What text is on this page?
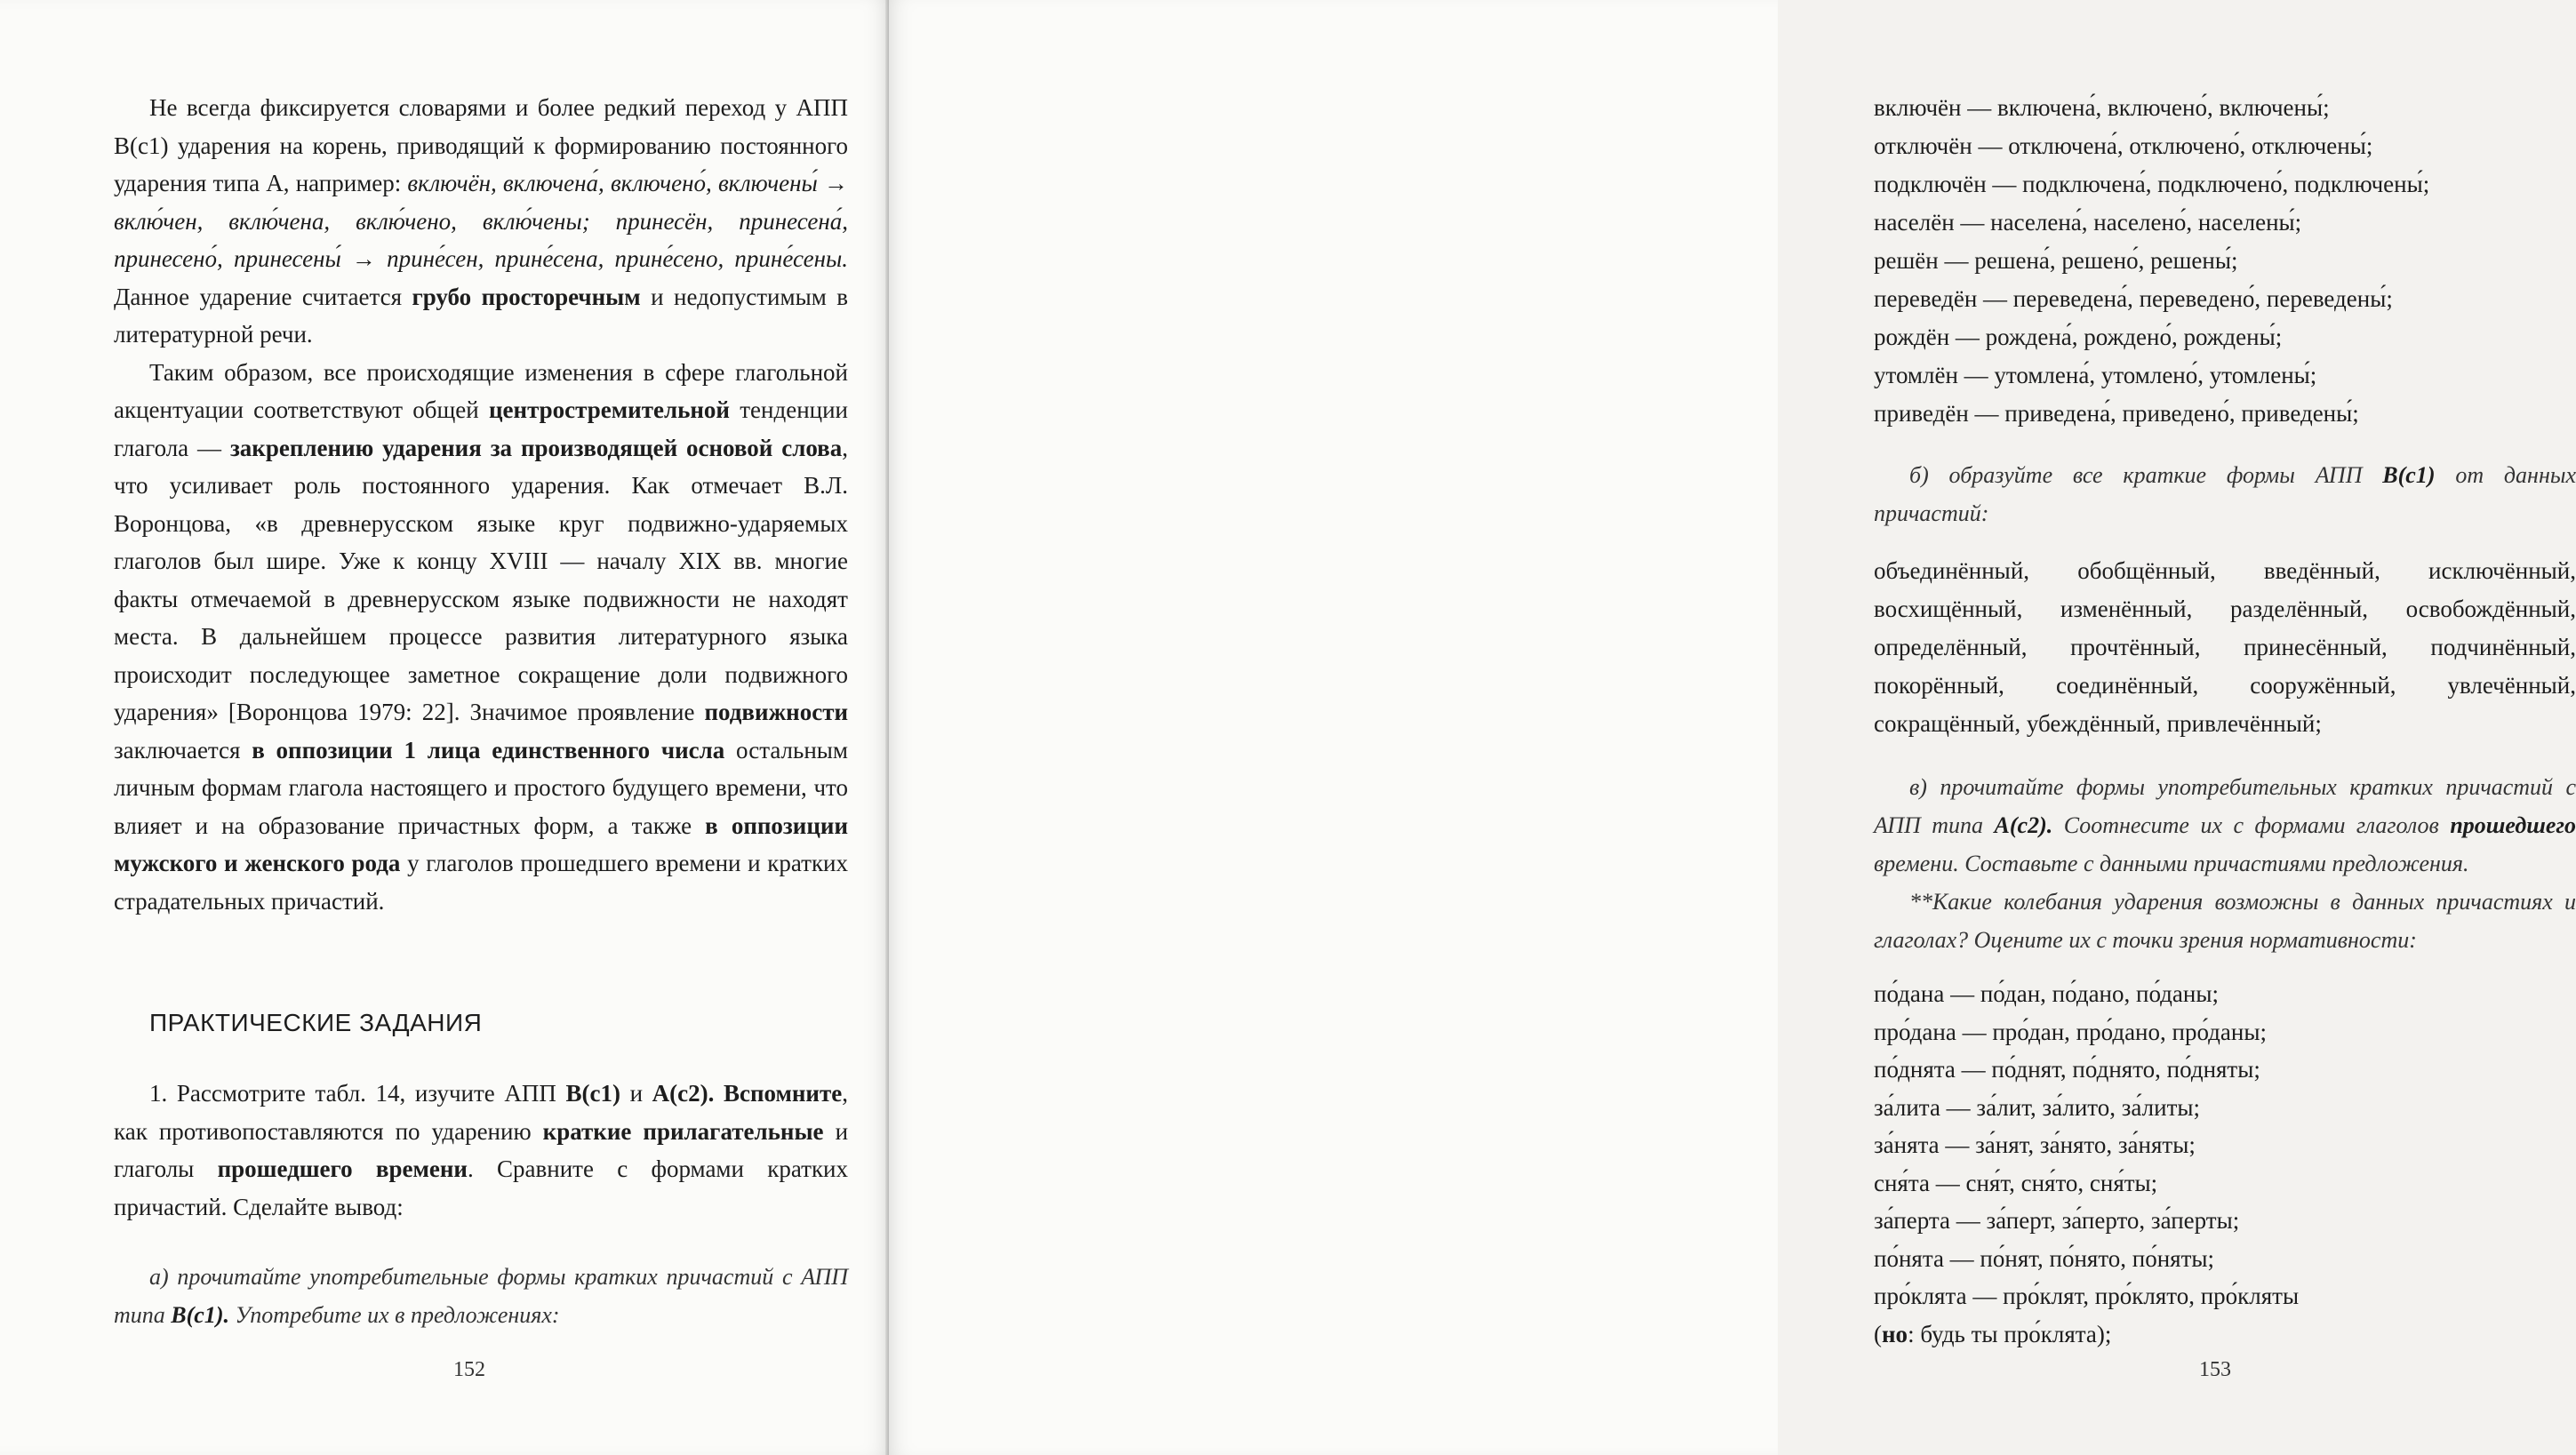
Не всегда фиксируется словарями и более редкий переход у АПП В(с1) ударения на корень, приводящий к формированию постоянного ударения типа А, например: включён, включена́, включено́, включены́ → вклю́чен, вклю́чена, вклю́чено, вклю́чены; принесён, принесена́, принесено́, принесены́ → прине́сен, прине́сена, прине́сено, прине́сены. Данное ударение считается грубо просторечным и недопустимым в литературной речи.

Таким образом, все происходящие изменения в сфере глагольной акцентуации соответствуют общей центростремительной тенденции глагола — закреплению ударения за производящей основой слова, что усиливает роль постоянного ударения. Как отмечает В.Л. Воронцова, «в древнерусском языке круг подвижно-ударяемых глаголов был шире. Уже к концу XVIII — началу XIX вв. многие факты отмечаемой в древнерусском языке подвижности не находят места. В дальнейшем процессе развития литературного языка происходит последующее заметное сокращение доли подвижного ударения» [Воронцова 1979: 22]. Значимое проявление подвижности заключается в оппозиции 1 лица единственного числа остальным личным формам глагола настоящего и простого будущего времени, что влияет и на образование причастных форм, а также в оппозиции мужского и женского рода у глаголов прошедшего времени и кратких страдательных причастий.

ПРАКТИЧЕСКИЕ ЗАДАНИЯ

1. Рассмотрите табл. 14, изучите АПП В(с1) и А(с2). Вспомните, как противопоставляются по ударению краткие прилагательные и глаголы прошедшего времени. Сравните с формами кратких причастий. Сделайте вывод:

а) прочитайте употребительные формы кратких причастий с АПП типа В(с1). Употребите их в предложениях:

152
включён — включена́, включено́, включены́;
отключён — отключена́, отключено́, отключены́;
подключён — подключена́, подключено́, подключены́;
населён — населена́, населено́, населены́;
решён — решена́, решено́, решены́;
переведён — переведена́, переведено́, переведены́;
рождён — рождена́, рождено́, рождены́;
утомлён — утомлена́, утомлено́, утомлены́;
приведён — приведена́, приведено́, приведены́;

б) образуйте все краткие формы АПП В(с1) от данных причастий:

объединённый, обобщённый, введённый, исключённый, восхищённый, изменённый, разделённый, освобождённый, определённый, прочтённый, принесённый, подчинённый, покорённый, соединённый, сооружённый, увлечённый, сокращённый, убеждённый, привлечённый;

в) прочитайте формы употребительных кратких причастий с АПП типа А(с2). Соотнесите их с формами глаголов прошедшего времени. Составьте с данными причастиями предложения.

**Какие колебания ударения возможны в данных причастиях и глаголах? Оцените их с точки зрения нормативности:

по́дана — по́дан, по́дано, по́даны;
про́дана — про́дан, про́дано, про́даны;
по́днята — по́днят, по́днято, по́дняты;
за́лита — за́лит, за́лито, за́литы;
за́нята — за́нят, за́нято, за́няты;
сня́та — сня́т, сня́то, сня́ты;
за́перта — за́перт, за́перто, за́перты;
по́нята — по́нят, по́нято, по́няты;
про́клята — про́клят, про́клято, про́кляты
(но: будь ты про́клята);
153
